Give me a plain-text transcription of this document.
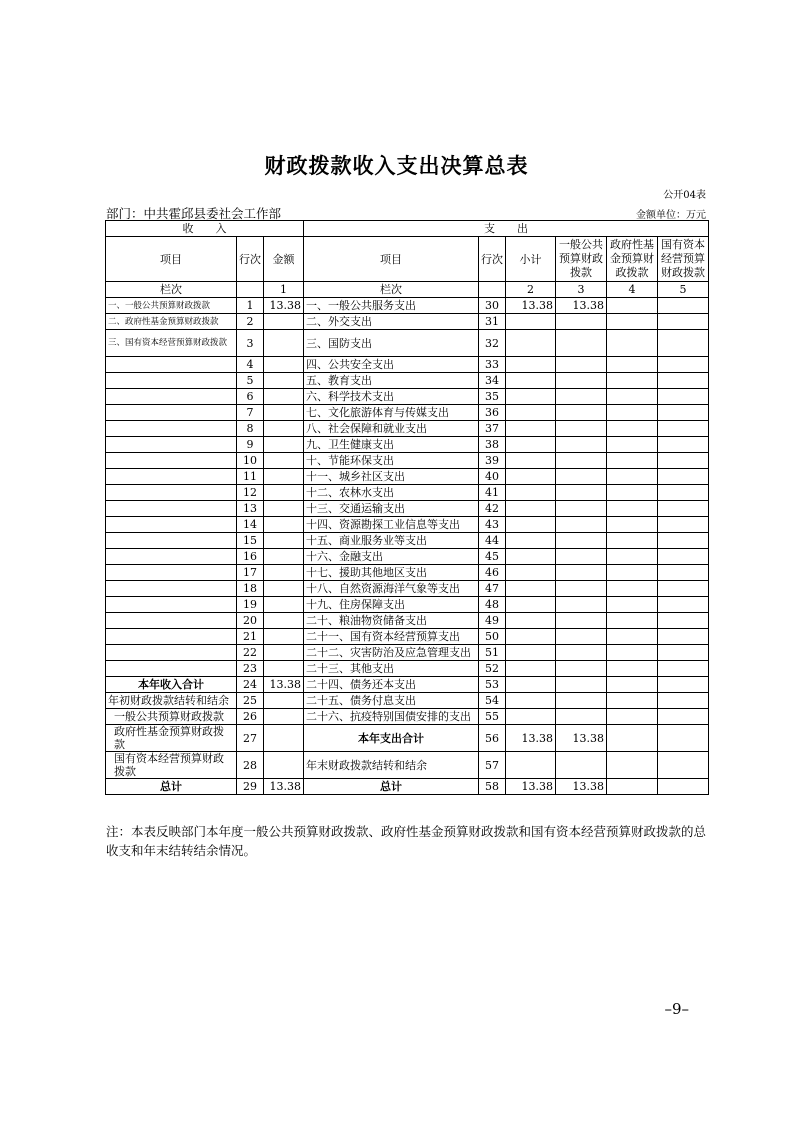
财政拨款收入支出决算总表
公开04表
部门：中共霍邱县委社会工作部	金额单位：万元
收　　入			支　　出					
项目	行次	金额	项目	行次	小计	一般公共预算财政拨款	政府性基金预算财政拨款	国有资本经营预算财政拨款
栏次		1	栏次		2	3	4	5
一、一般公共预算财政拨款	1	13.38	一、一般公共服务支出	30	13.38	13.38		
二、政府性基金预算财政拨款	2		二、外交支出	31				
三、国有资本经营预算财政拨款	3		三、国防支出	32				
	4		四、公共安全支出	33				
	5		五、教育支出	34				
	6		六、科学技术支出	35				
	7		七、文化旅游体育与传媒支出	36				
	8		八、社会保障和就业支出	37				
	9		九、卫生健康支出	38				
	10		十、节能环保支出	39				
	11		十一、城乡社区支出	40				
	12		十二、农林水支出	41				
	13		十三、交通运输支出	42				
	14		十四、资源勘探工业信息等支出	43				
	15		十五、商业服务业等支出	44				
	16		十六、金融支出	45				
	17		十七、援助其他地区支出	46				
	18		十八、自然资源海洋气象等支出	47				
	19		十九、住房保障支出	48				
	20		二十、粮油物资储备支出	49				
	21		二十一、国有资本经营预算支出	50				
	22		二十二、灾害防治及应急管理支出	51				
	23		二十三、其他支出	52				
本年收入合计	24	13.38	二十四、债务还本支出	53				
年初财政拨款结转和结余	25		二十五、债务付息支出	54				
一般公共预算财政拨款	26		二十六、抗疫特别国债安排的支出	55				
政府性基金预算财政拨款	27		本年支出合计	56	13.38	13.38		
国有资本经营预算财政拨款	28		年末财政拨款结转和结余	57				
总计	29	13.38	总计	58	13.38	13.38		
注：本表反映部门本年度一般公共预算财政拨款、政府性基金预算财政拨款和国有资本经营预算财政拨款的总收支和年末结转结余情况。
–9–
